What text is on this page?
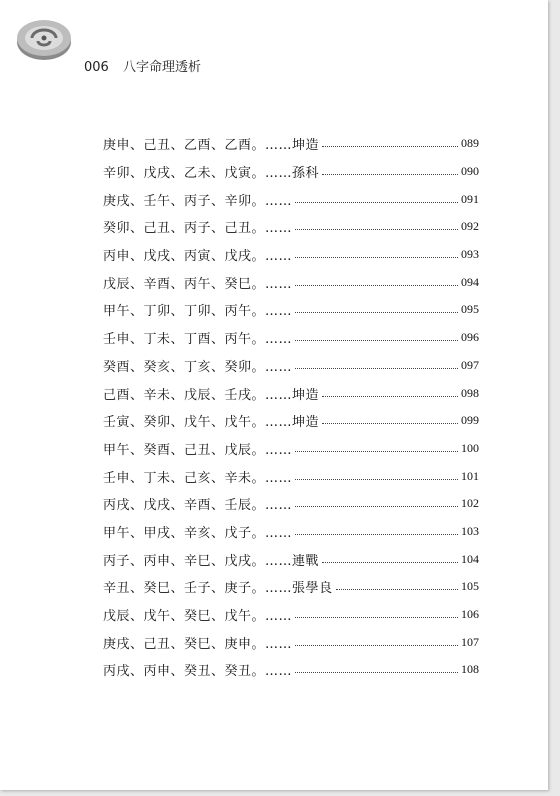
006 八字命理透析
庚申、己丑、乙酉、乙酉。……坤造	089
辛卯、戊戌、乙未、戊寅。……孫科	090
庚戌、壬午、丙子、辛卯。……	091
癸卯、己丑、丙子、己丑。……	092
丙申、戊戌、丙寅、戊戌。……	093
戊辰、辛酉、丙午、癸巳。……	094
甲午、丁卯、丁卯、丙午。……	095
壬申、丁未、丁酉、丙午。……	096
癸酉、癸亥、丁亥、癸卯。……	097
己酉、辛未、戊辰、壬戌。……坤造	098
壬寅、癸卯、戊午、戊午。……坤造	099
甲午、癸酉、己丑、戊辰。……	100
壬申、丁未、己亥、辛未。……	101
丙戌、戊戌、辛酉、壬辰。……	102
甲午、甲戌、辛亥、戊子。……	103
丙子、丙申、辛巳、戊戌。……連戰	104
辛丑、癸巳、壬子、庚子。……張學良	105
戊辰、戊午、癸巳、戊午。……	106
庚戌、己丑、癸巳、庚申。……	107
丙戌、丙申、癸丑、癸丑。……	108
